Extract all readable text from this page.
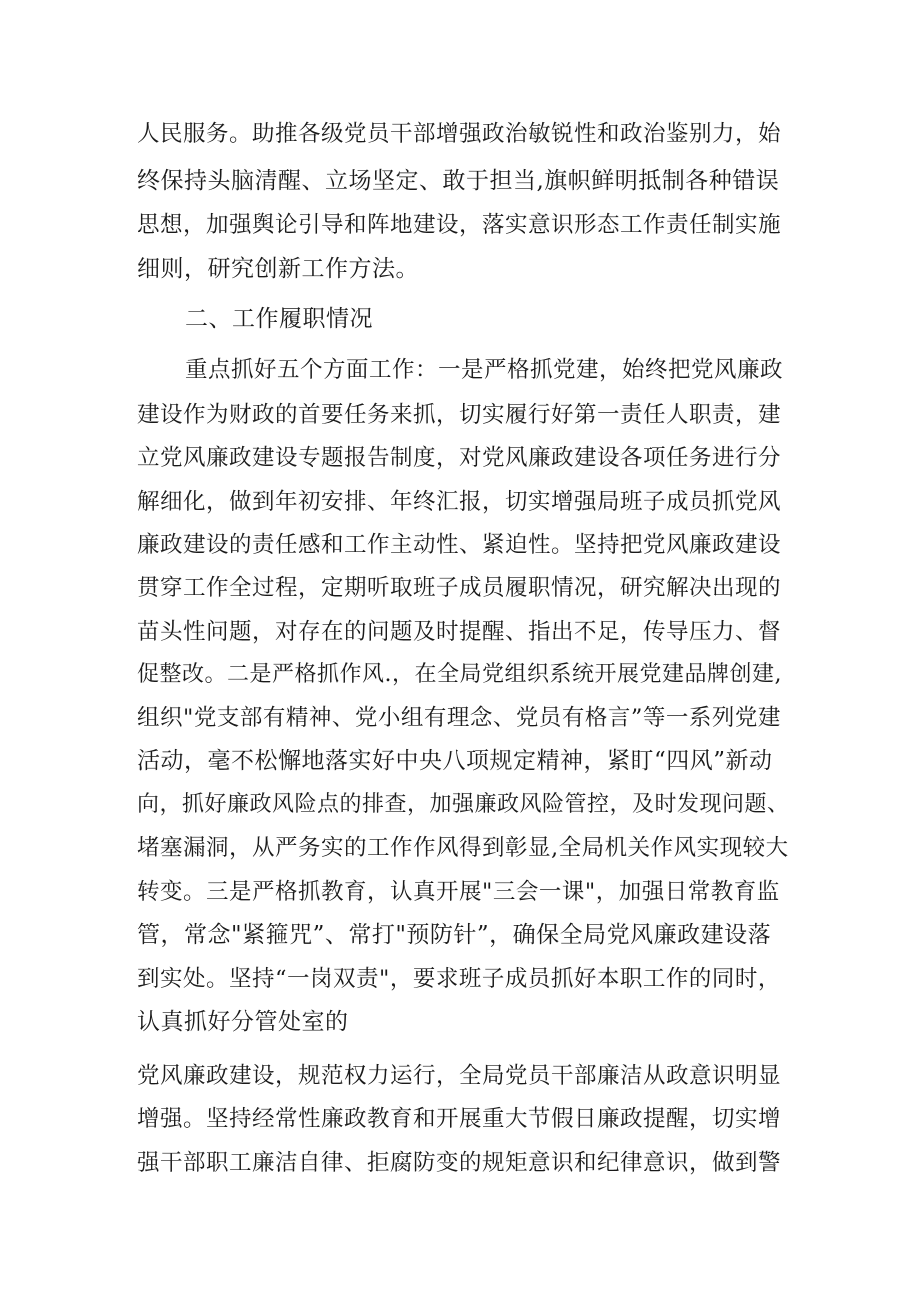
人民服务。助推各级党员干部增强政治敏锐性和政治鉴别力，始
终保持头脑清醒、立场坚定、敢于担当,旗帜鲜明抵制各种错误
思想，加强舆论引导和阵地建设，落实意识形态工作责任制实施
细则，研究创新工作方法。
二、工作履职情况
重点抓好五个方面工作：一是严格抓党建，始终把党风廉政
建设作为财政的首要任务来抓，切实履行好第一责任人职责，建
立党风廉政建设专题报告制度，对党风廉政建设各项任务进行分
解细化，做到年初安排、年终汇报，切实增强局班子成员抓党风
廉政建设的责任感和工作主动性、紧迫性。坚持把党风廉政建设
贯穿工作全过程，定期听取班子成员履职情况，研究解决出现的
苗头性问题，对存在的问题及时提醒、指出不足，传导压力、督
促整改。二是严格抓作风.，在全局党组织系统开展党建品牌创建,
组织"党支部有精神、党小组有理念、党员有格言”等一系列党建
活动，毫不松懈地落实好中央八项规定精神，紧盯“四风”新动
向，抓好廉政风险点的排查，加强廉政风险管控，及时发现问题、
堵塞漏洞，从严务实的工作作风得到彰显,全局机关作风实现较大
转变。三是严格抓教育，认真开展"三会一课"，加强日常教育监
管，常念"紧箍咒”、常打"预防针”，确保全局党风廉政建设落
到实处。坚持“一岗双责"，要求班子成员抓好本职工作的同时，
认真抓好分管处室的
党风廉政建设，规范权力运行，全局党员干部廉洁从政意识明显
增强。坚持经常性廉政教育和开展重大节假日廉政提醒，切实增
强干部职工廉洁自律、拒腐防变的规矩意识和纪律意识，做到警
